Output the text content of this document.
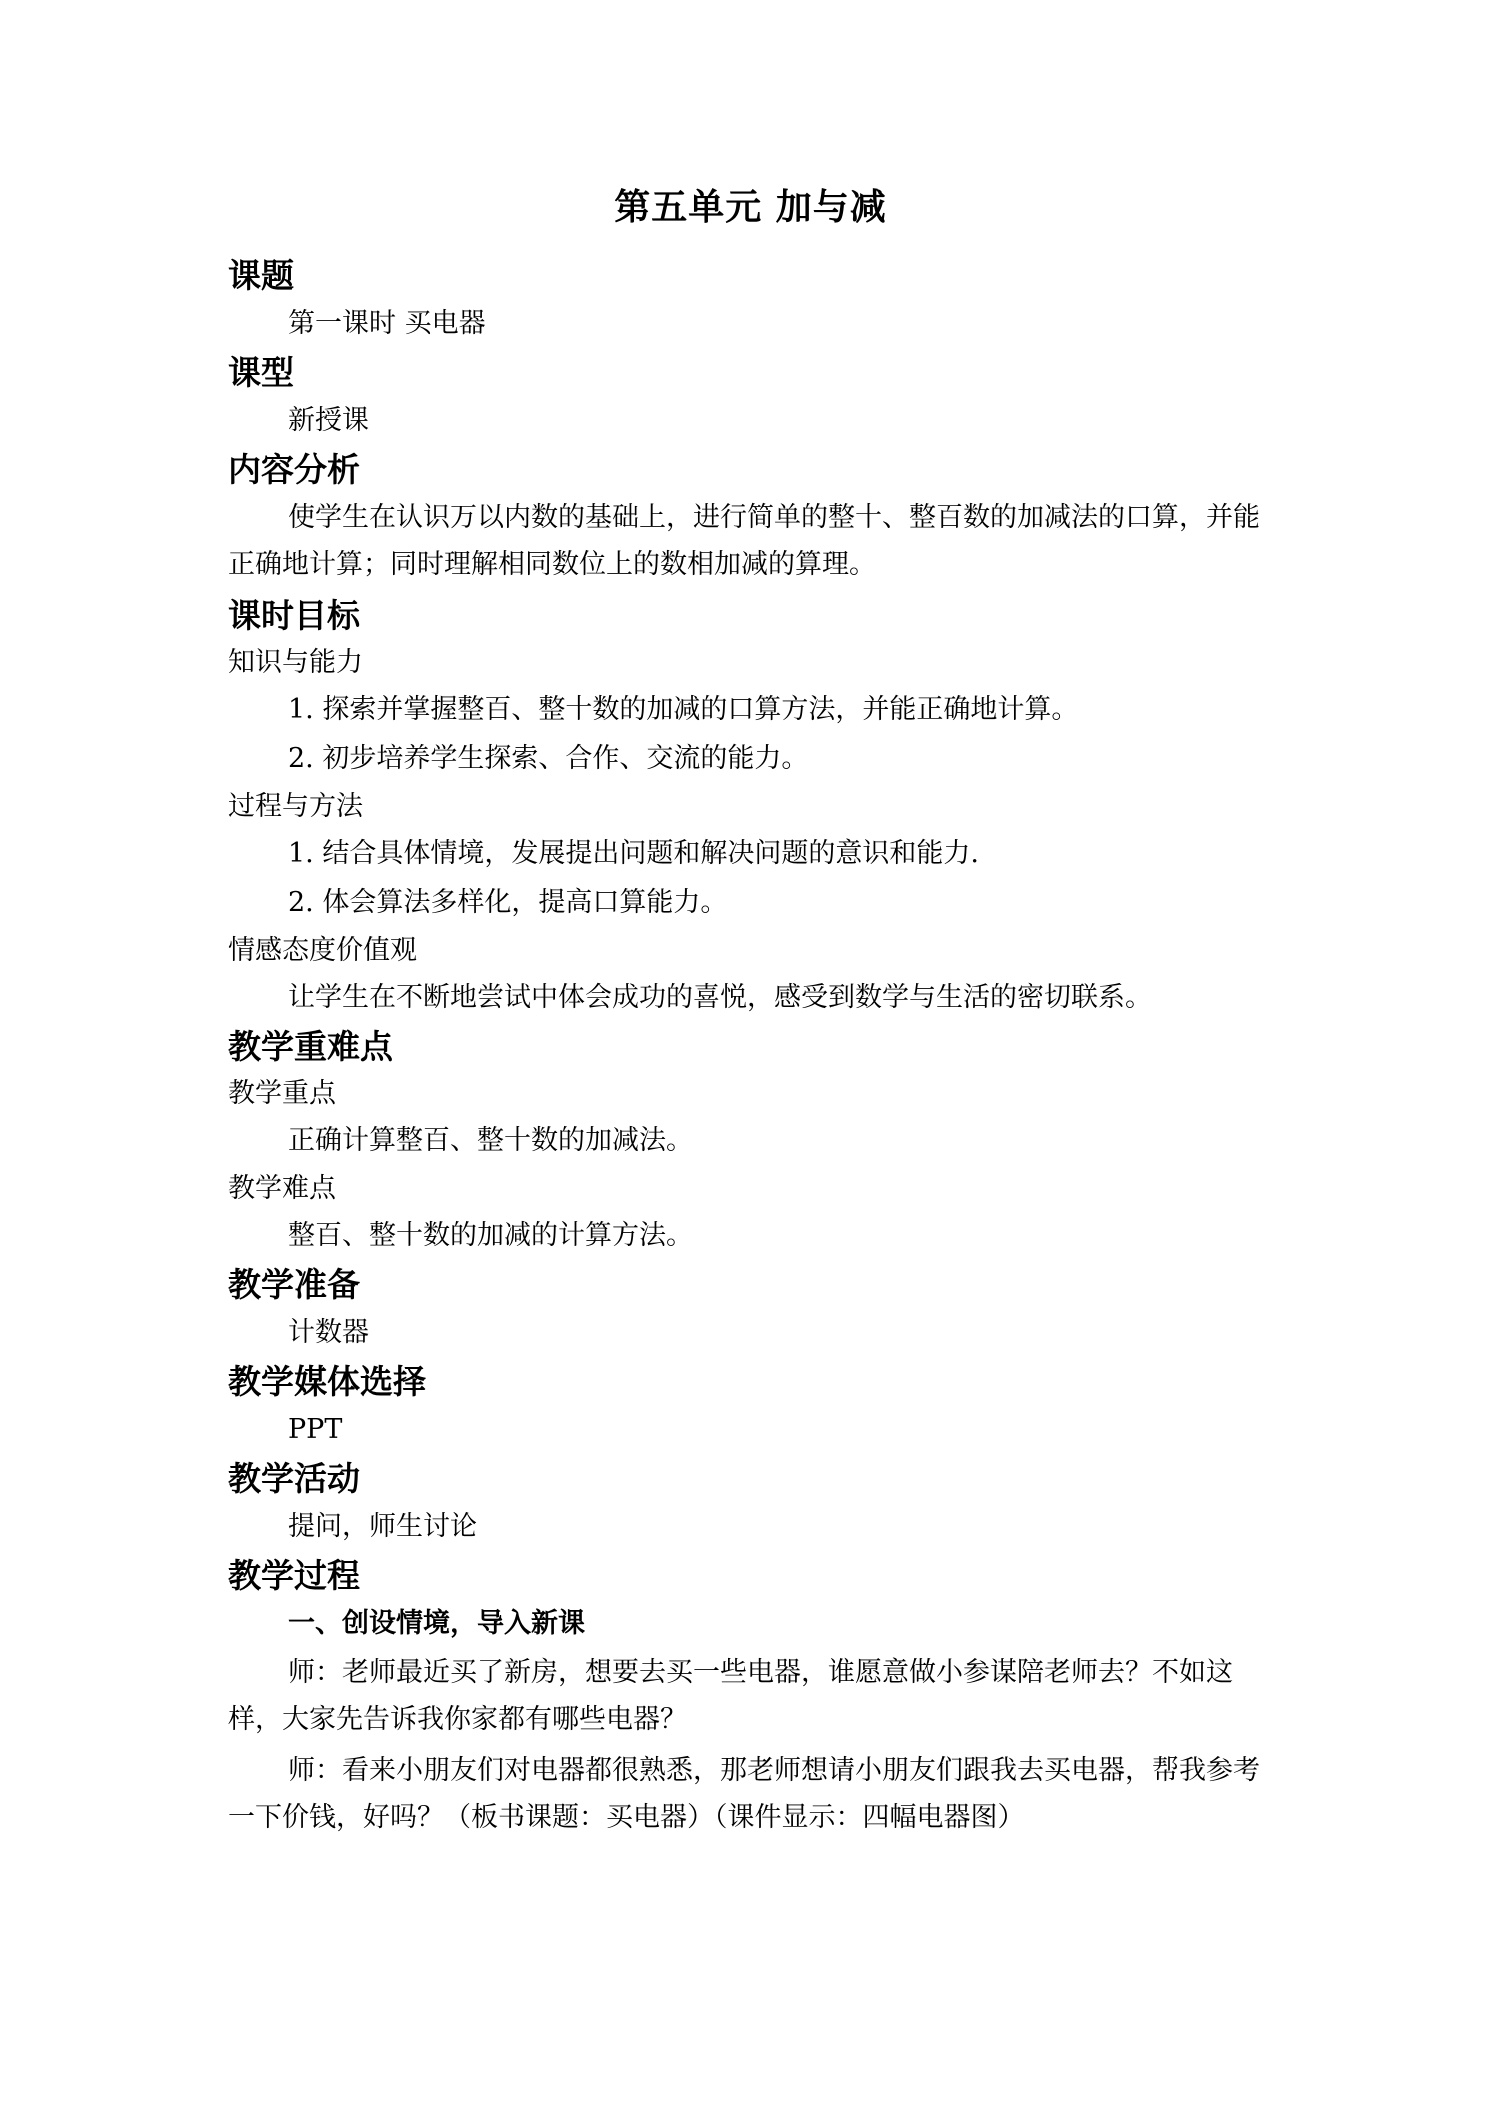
第五单元 加与减
课题
第一课时 买电器
课型
新授课
内容分析
使学生在认识万以内数的基础上，进行简单的整十、整百数的加减法的口算，并能正确地计算；同时理解相同数位上的数相加减的算理。
课时目标
知识与能力
1. 探索并掌握整百、整十数的加减的口算方法，并能正确地计算。
2. 初步培养学生探索、合作、交流的能力。
过程与方法
1. 结合具体情境，发展提出问题和解决问题的意识和能力.
2. 体会算法多样化，提高口算能力。
情感态度价值观
让学生在不断地尝试中体会成功的喜悦，感受到数学与生活的密切联系。
教学重难点
教学重点
正确计算整百、整十数的加减法。
教学难点
整百、整十数的加减的计算方法。
教学准备
计数器
教学媒体选择
PPT
教学活动
提问，师生讨论
教学过程
一、创设情境，导入新课
师：老师最近买了新房，想要去买一些电器，谁愿意做小参谋陪老师去？不如这样，大家先告诉我你家都有哪些电器？
师：看来小朋友们对电器都很熟悉，那老师想请小朋友们跟我去买电器，帮我参考一下价钱，好吗？（板书课题：买电器）（课件显示：四幅电器图）
